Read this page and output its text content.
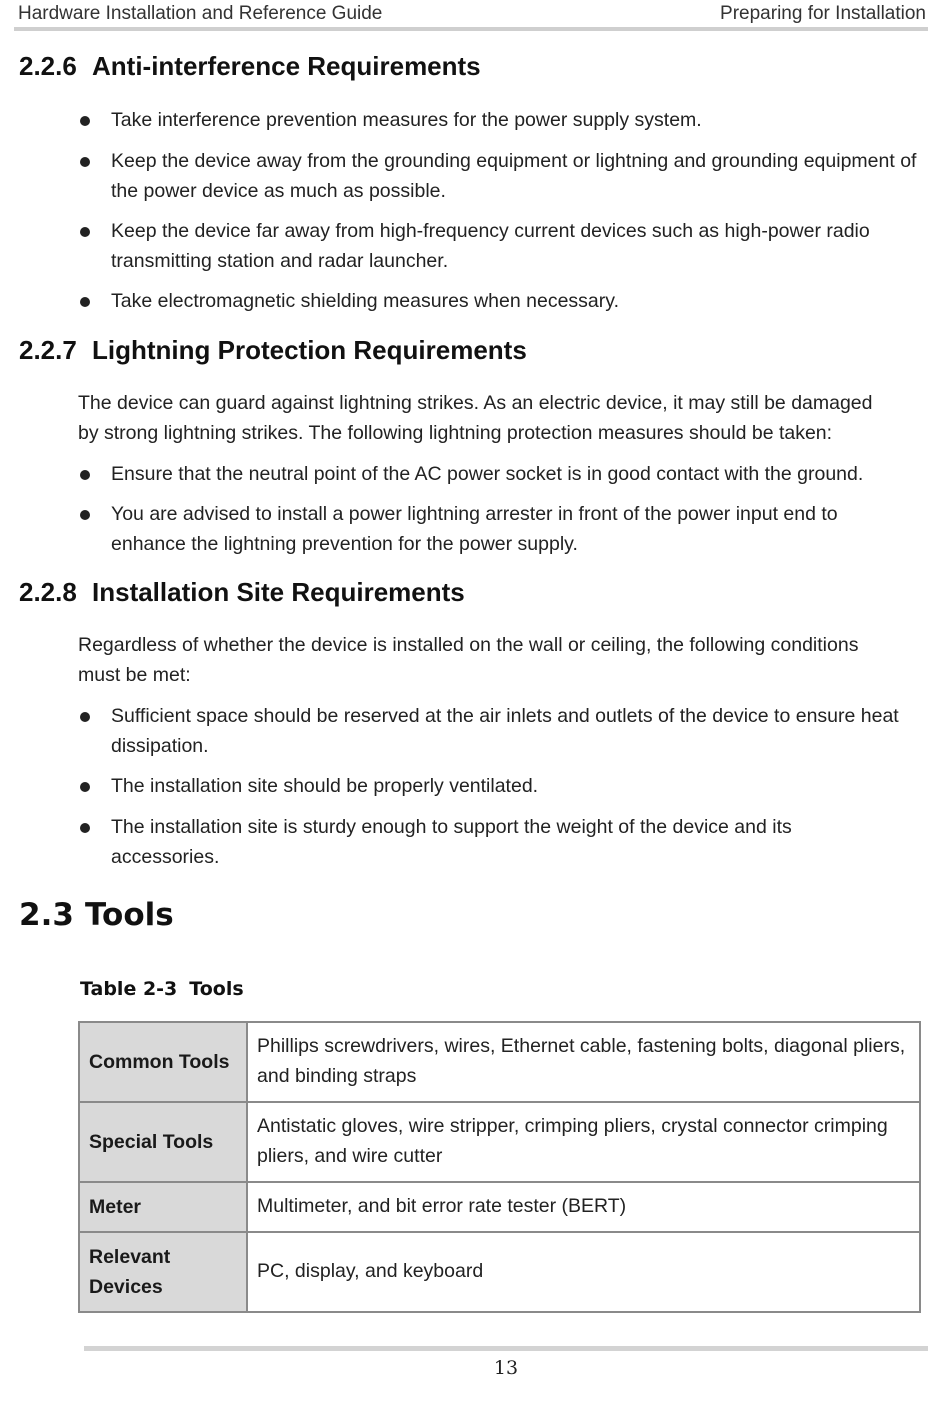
Hardware Installation and Reference Guide	Preparing for Installation
2.2.6 Anti-interference Requirements
Take interference prevention measures for the power supply system.
Keep the device away from the grounding equipment or lightning and grounding equipment of the power device as much as possible.
Keep the device far away from high-frequency current devices such as high-power radio transmitting station and radar launcher.
Take electromagnetic shielding measures when necessary.
2.2.7 Lightning Protection Requirements
The device can guard against lightning strikes. As an electric device, it may still be damaged by strong lightning strikes. The following lightning protection measures should be taken:
Ensure that the neutral point of the AC power socket is in good contact with the ground.
You are advised to install a power lightning arrester in front of the power input end to enhance the lightning prevention for the power supply.
2.2.8 Installation Site Requirements
Regardless of whether the device is installed on the wall or ceiling, the following conditions must be met:
Sufficient space should be reserved at the air inlets and outlets of the device to ensure heat dissipation.
The installation site should be properly ventilated.
The installation site is sturdy enough to support the weight of the device and its accessories.
2.3 Tools
Table 2-3 Tools
Common Tools	Phillips screwdrivers, wires, Ethernet cable, fastening bolts, diagonal pliers, and binding straps
Special Tools	Antistatic gloves, wire stripper, crimping pliers, crystal connector crimping pliers, and wire cutter
Meter	Multimeter, and bit error rate tester (BERT)
Relevant Devices	PC, display, and keyboard
13
